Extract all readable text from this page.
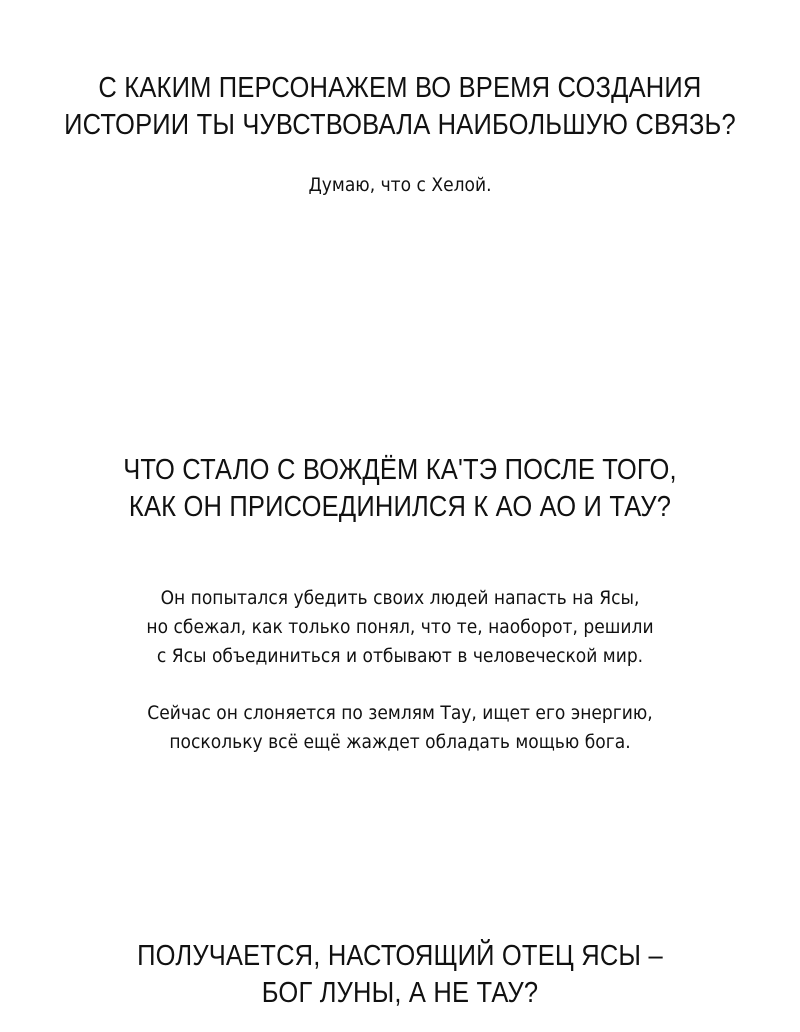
С КАКИМ ПЕРСОНАЖЕМ ВО ВРЕМЯ СОЗДАНИЯ
ИСТОРИИ ТЫ ЧУВСТВОВАЛА НАИБОЛЬШУЮ СВЯЗЬ?
Думаю, что с Хелой.
ЧТО СТАЛО С ВОЖДЁМ КА'ТЭ ПОСЛЕ ТОГО,
КАК ОН ПРИСОЕДИНИЛСЯ К АО АО И ТАУ?
Он попытался убедить своих людей напасть на Ясы,
но сбежал, как только понял, что те, наоборот, решили
с Ясы объединиться и отбывают в человеческой мир.
Сейчас он слоняется по землям Тау, ищет его энергию,
поскольку всё ещё жаждет обладать мощью бога.
ПОЛУЧАЕТСЯ, НАСТОЯЩИЙ ОТЕЦ ЯСЫ –
БОГ ЛУНЫ, А НЕ ТАУ?
